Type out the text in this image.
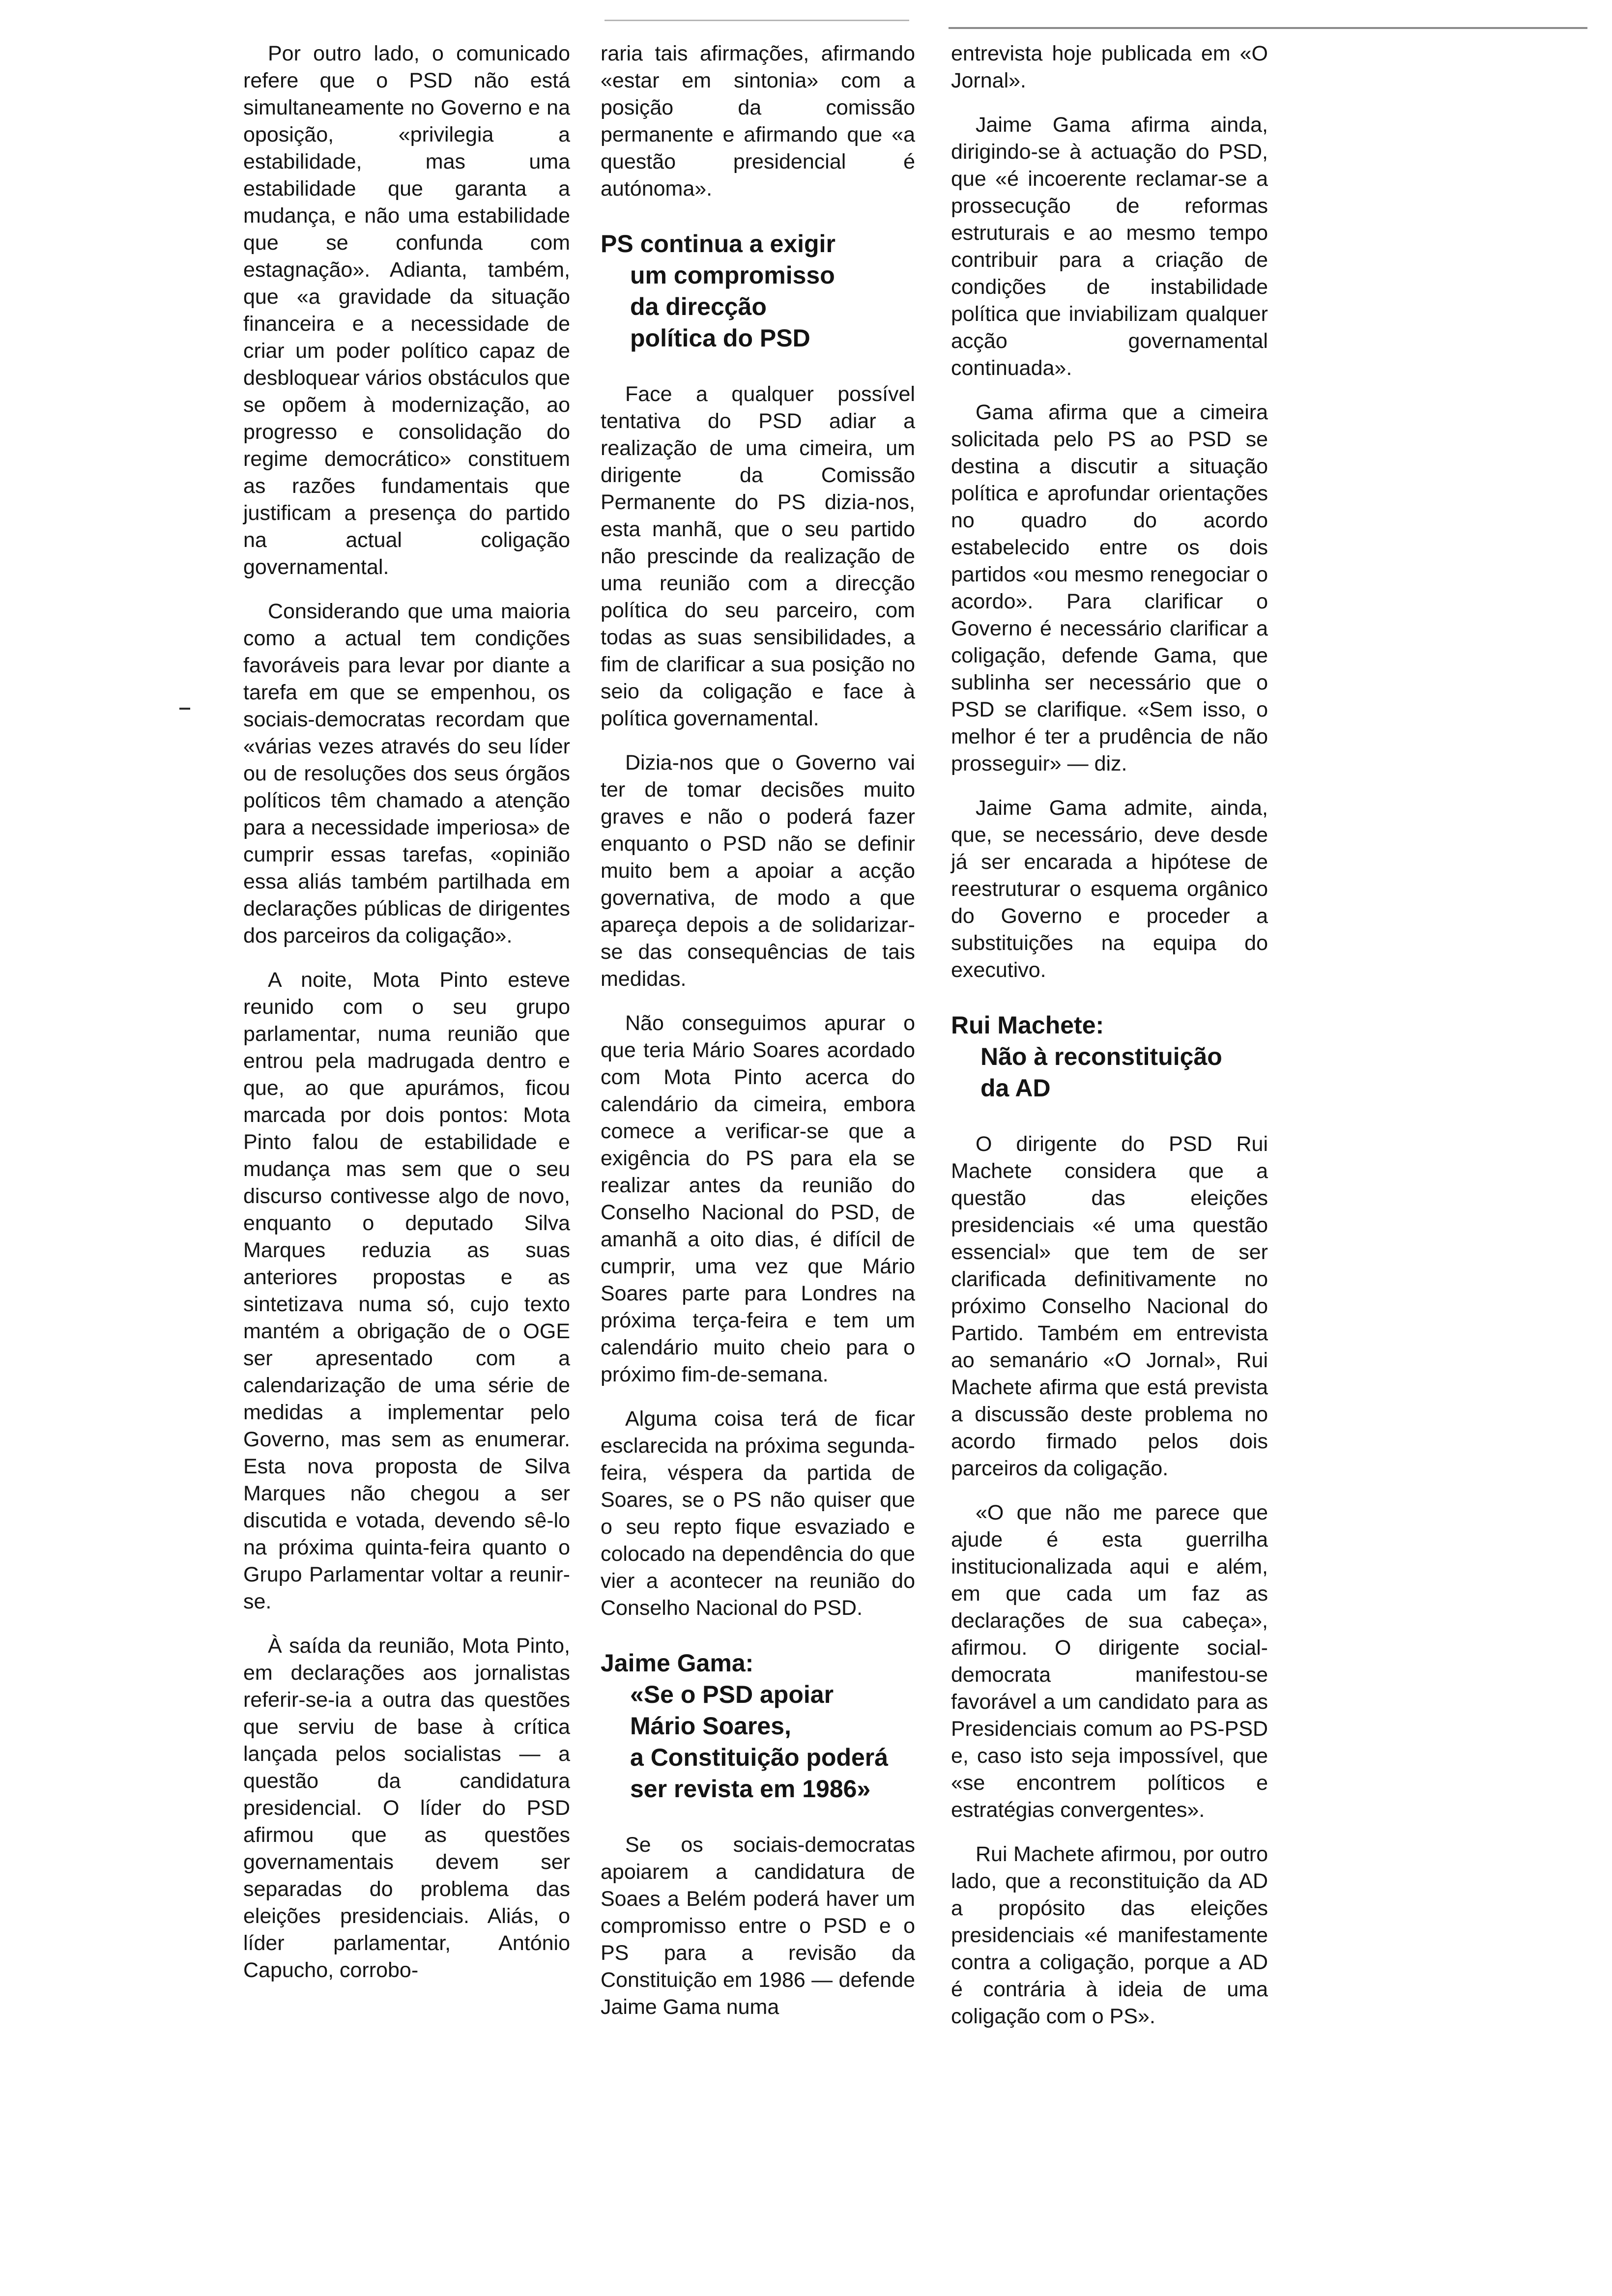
Por outro lado, o comunicado refere que o PSD não está simultaneamente no Governo e na oposição, «privilegia a estabilidade, mas uma estabilidade que garanta a mudança, e não uma estabilidade que se confunda com estagnação». Adianta, também, que «a gravidade da situação financeira e a necessidade de criar um poder político capaz de desbloquear vários obstáculos que se opõem à modernização, ao progresso e consolidação do regime democrático» constituem as razões fundamentais que justificam a presença do partido na actual coligação governamental.

Considerando que uma maioria como a actual tem condições favoráveis para levar por diante a tarefa em que se empenhou, os sociais-democratas recordam que «várias vezes através do seu líder ou de resoluções dos seus órgãos políticos têm chamado a atenção para a necessidade imperiosa» de cumprir essas tarefas, «opinião essa aliás também partilhada em declarações públicas de dirigentes dos parceiros da coligação».

A noite, Mota Pinto esteve reunido com o seu grupo parlamentar, numa reunião que entrou pela madrugada dentro e que, ao que apurámos, ficou marcada por dois pontos: Mota Pinto falou de estabilidade e mudança mas sem que o seu discurso contivesse algo de novo, enquanto o deputado Silva Marques reduzia as suas anteriores propostas e as sintetizava numa só, cujo texto mantém a obrigação de o OGE ser apresentado com a calendarização de uma série de medidas a implementar pelo Governo, mas sem as enumerar. Esta nova proposta de Silva Marques não chegou a ser discutida e votada, devendo sê-lo na próxima quinta-feira quanto o Grupo Parlamentar voltar a reunir-se.

À saída da reunião, Mota Pinto, em declarações aos jornalistas referir-se-ia a outra das questões que serviu de base à crítica lançada pelos socialistas — a questão da candidatura presidencial. O líder do PSD afirmou que as questões governamentais devem ser separadas do problema das eleições presidenciais. Aliás, o líder parlamentar, António Capucho, corrobo-

raria tais afirmações, afirmando «estar em sintonia» com a posição da comissão permanente e afirmando que «a questão presidencial é autónoma».

PS continua a exigir
um compromisso
da direcção
política do PSD

Face a qualquer possível tentativa do PSD adiar a realização de uma cimeira, um dirigente da Comissão Permanente do PS dizia-nos, esta manhã, que o seu partido não prescinde da realização de uma reunião com a direcção política do seu parceiro, com todas as suas sensibilidades, a fim de clarificar a sua posição no seio da coligação e face à política governamental.

Dizia-nos que o Governo vai ter de tomar decisões muito graves e não o poderá fazer enquanto o PSD não se definir muito bem a apoiar a acção governativa, de modo a que apareça depois a de solidarizar-se das consequências de tais medidas.

Não conseguimos apurar o que teria Mário Soares acordado com Mota Pinto acerca do calendário da cimeira, embora comece a verificar-se que a exigência do PS para ela se realizar antes da reunião do Conselho Nacional do PSD, de amanhã a oito dias, é difícil de cumprir, uma vez que Mário Soares parte para Londres na próxima terça-feira e tem um calendário muito cheio para o próximo fim-de-semana.

Alguma coisa terá de ficar esclarecida na próxima segunda-feira, véspera da partida de Soares, se o PS não quiser que o seu repto fique esvaziado e colocado na dependência do que vier a acontecer na reunião do Conselho Nacional do PSD.

Jaime Gama:
«Se o PSD apoiar
Mário Soares,
a Constituição poderá
ser revista em 1986»

Se os sociais-democratas apoiarem a candidatura de Soaes a Belém poderá haver um compromisso entre o PSD e o PS para a revisão da Constituição em 1986 — defende Jaime Gama numa

entrevista hoje publicada em «O Jornal».

Jaime Gama afirma ainda, dirigindo-se à actuação do PSD, que «é incoerente reclamar-se a prossecução de reformas estruturais e ao mesmo tempo contribuir para a criação de condições de instabilidade política que inviabilizam qualquer acção governamental continuada».

Gama afirma que a cimeira solicitada pelo PS ao PSD se destina a discutir a situação política e aprofundar orientações no quadro do acordo estabelecido entre os dois partidos «ou mesmo renegociar o acordo». Para clarificar o Governo é necessário clarificar a coligação, defende Gama, que sublinha ser necessário que o PSD se clarifique. «Sem isso, o melhor é ter a prudência de não prosseguir» — diz.

Jaime Gama admite, ainda, que, se necessário, deve desde já ser encarada a hipótese de reestruturar o esquema orgânico do Governo e proceder a substituições na equipa do executivo.

Rui Machete:
Não à reconstituição
da AD

O dirigente do PSD Rui Machete considera que a questão das eleições presidenciais «é uma questão essencial» que tem de ser clarificada definitivamente no próximo Conselho Nacional do Partido. Também em entrevista ao semanário «O Jornal», Rui Machete afirma que está prevista a discussão deste problema no acordo firmado pelos dois parceiros da coligação.

«O que não me parece que ajude é esta guerrilha institucionalizada aqui e além, em que cada um faz as declarações de sua cabeça», afirmou. O dirigente social-democrata manifestou-se favorável a um candidato para as Presidenciais comum ao PS-PSD e, caso isto seja impossível, que «se encontrem políticos e estratégias convergentes».

Rui Machete afirmou, por outro lado, que a reconstituição da AD a propósito das eleições presidenciais «é manifestamente contra a coligação, porque a AD é contrária à ideia de uma coligação com o PS».
